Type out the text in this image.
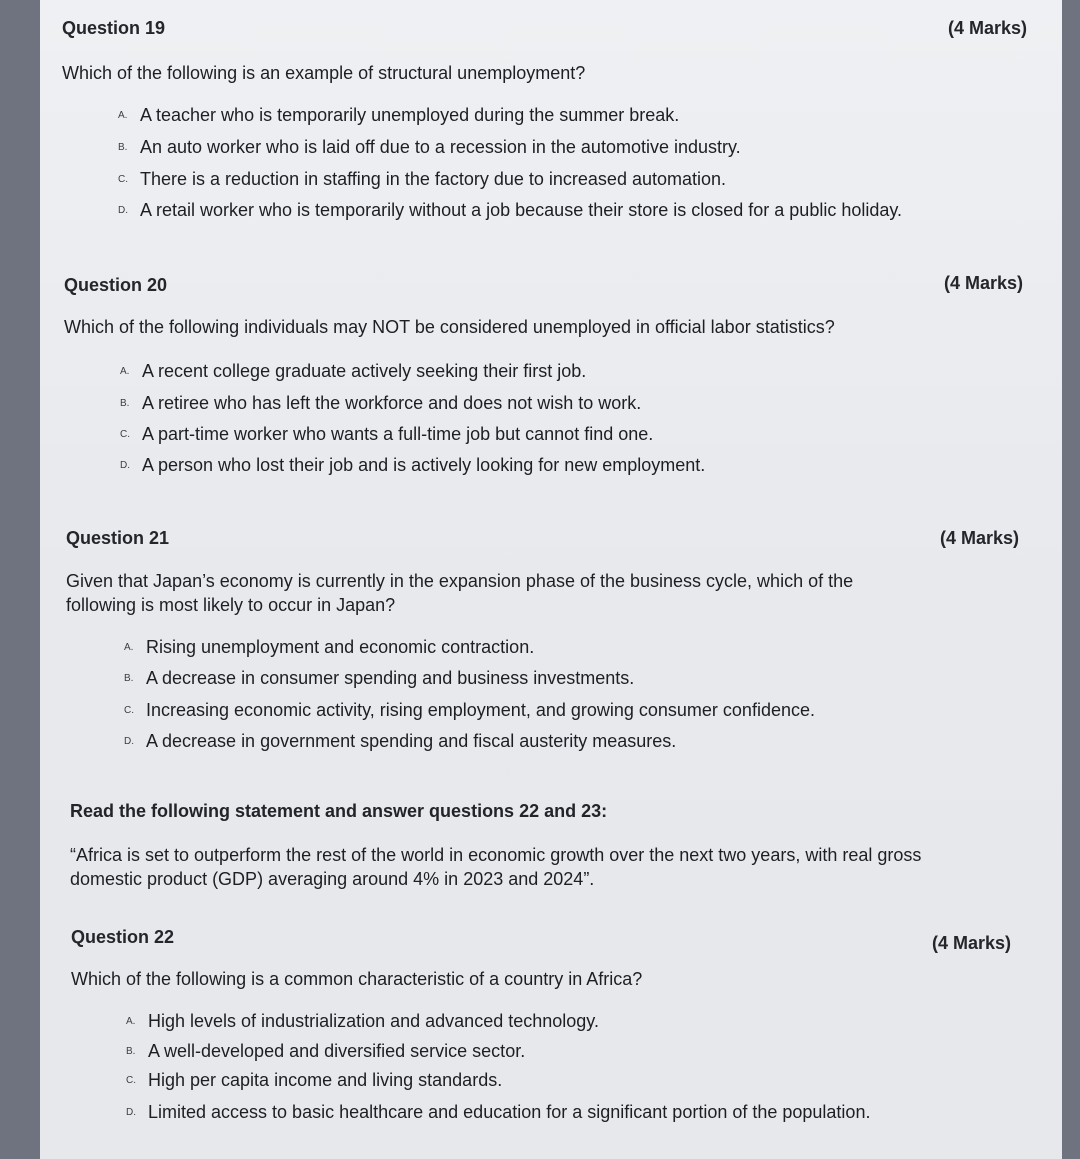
Question 19	(4 Marks)
Which of the following is an example of structural unemployment?
A. A teacher who is temporarily unemployed during the summer break.
B. An auto worker who is laid off due to a recession in the automotive industry.
C. There is a reduction in staffing in the factory due to increased automation.
D. A retail worker who is temporarily without a job because their store is closed for a public holiday.
Question 20	(4 Marks)
Which of the following individuals may NOT be considered unemployed in official labor statistics?
A. A recent college graduate actively seeking their first job.
B. A retiree who has left the workforce and does not wish to work.
C. A part-time worker who wants a full-time job but cannot find one.
D. A person who lost their job and is actively looking for new employment.
Question 21	(4 Marks)
Given that Japan’s economy is currently in the expansion phase of the business cycle, which of the following is most likely to occur in Japan?
A. Rising unemployment and economic contraction.
B. A decrease in consumer spending and business investments.
C. Increasing economic activity, rising employment, and growing consumer confidence.
D. A decrease in government spending and fiscal austerity measures.
Read the following statement and answer questions 22 and 23:
“Africa is set to outperform the rest of the world in economic growth over the next two years, with real gross domestic product (GDP) averaging around 4% in 2023 and 2024”.
Question 22	(4 Marks)
Which of the following is a common characteristic of a country in Africa?
A. High levels of industrialization and advanced technology.
B. A well-developed and diversified service sector.
C. High per capita income and living standards.
D. Limited access to basic healthcare and education for a significant portion of the population.
